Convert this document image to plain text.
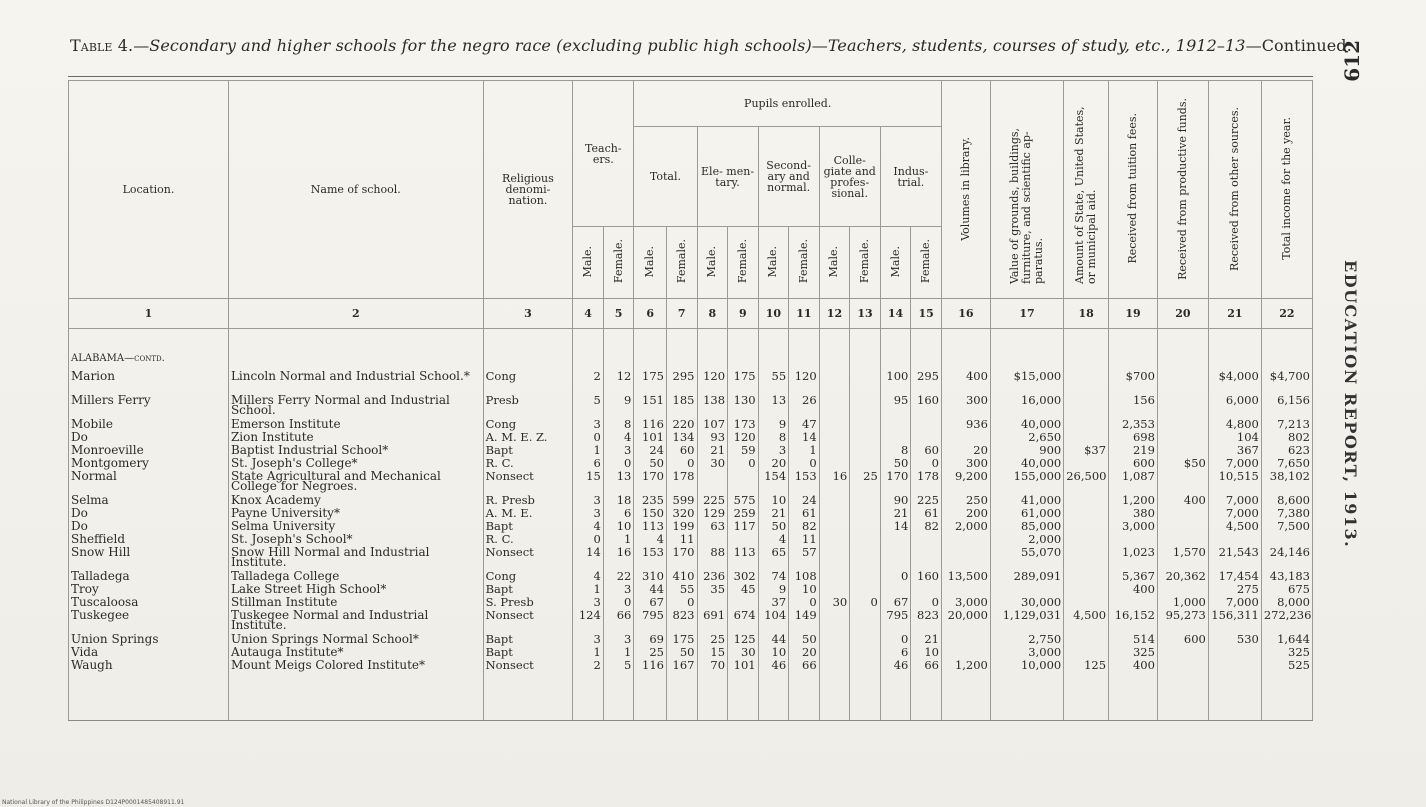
Table 4.—Secondary and higher schools for the negro race (excluding public high schools)—Teachers, students, courses of study, etc., 1912–13—Continued.
612
EDUCATION REPORT, 1913.
Location.	Name of school.	Religious denomi- nation.	Teach- ers.		Pupils enrolled.										Volumes in library.	Value of grounds, buildings, furniture, and scientific ap- paratus.	Amount of State, United States, or municipal aid.	Received from tuition fees.	Received from productive funds.	Received from other sources.	Total income for the year.
					Total.		Ele- men- tary.		Second- ary and normal.		Colle- giate and profes- sional.		Indus- trial.								
			Male.	Female.	Male.	Female.	Male.	Female.	Male.	Female.	Male.	Female.	Male.	Female.							
1	2	3	4	5	6	7	8	9	10	11	12	13	14	15	16	17	18	19	20	21	22

ALABAMA—contd.																					
Marion	Lincoln Normal and Industrial School.*	Cong	2	12	175	295	120	175	55	120			100	295	400	$15,000		$700		$4,000	$4,700
Millers Ferry	Millers Ferry Normal and Industrial School.	Presb	5	9	151	185	138	130	13	26			95	160	300	16,000		156		6,000	6,156
Mobile	Emerson Institute	Cong	3	8	116	220	107	173	9	47					936	40,000		2,353		4,800	7,213
Do	Zion Institute	A. M. E. Z.	0	4	101	134	93	120	8	14						2,650		698		104	802
Monroeville	Baptist Industrial School*	Bapt	1	3	24	60	21	59	3	1			8	60	20	900	$37	219		367	623
Montgomery	St. Joseph's College*	R. C.	6	0	50	0	30	0	20	0			50	0	300	40,000		600	$50	7,000	7,650
Normal	State Agricultural and Mechanical College for Negroes.	Nonsect	15	13	170	178			154	153	16	25	170	178	9,200	155,000	26,500	1,087		10,515	38,102
Selma	Knox Academy	R. Presb	3	18	235	599	225	575	10	24			90	225	250	41,000		1,200	400	7,000	8,600
Do	Payne University*	A. M. E.	3	6	150	320	129	259	21	61			21	61	200	61,000		380		7,000	7,380
Do	Selma University	Bapt	4	10	113	199	63	117	50	82			14	82	2,000	85,000		3,000		4,500	7,500
Sheffield	St. Joseph's School*	R. C.	0	1	4	11			4	11						2,000					
Snow Hill	Snow Hill Normal and Industrial Institute.	Nonsect	14	16	153	170	88	113	65	57						55,070		1,023	1,570	21,543	24,146
Talladega	Talladega College	Cong	4	22	310	410	236	302	74	108			0	160	13,500	289,091		5,367	20,362	17,454	43,183
Troy	Lake Street High School*	Bapt	1	3	44	55	35	45	9	10								400		275	675
Tuscaloosa	Stillman Institute	S. Presb	3	0	67	0			37	0	30	0	67	0	3,000	30,000			1,000	7,000	8,000
Tuskegee	Tuskegee Normal and Industrial Institute.	Nonsect	124	66	795	823	691	674	104	149			795	823	20,000	1,129,031	4,500	16,152	95,273	156,311	272,236
Union Springs	Union Springs Normal School*	Bapt	3	3	69	175	25	125	44	50			0	21		2,750		514	600	530	1,644
Vida	Autauga Institute*	Bapt	1	1	25	50	15	30	10	20			6	10		3,000		325			325
Waugh	Mount Meigs Colored Institute*	Nonsect	2	5	116	167	70	101	46	66			46	66	1,200	10,000	125	400			525

National Library of the Philippines D124P0001485408911.91
